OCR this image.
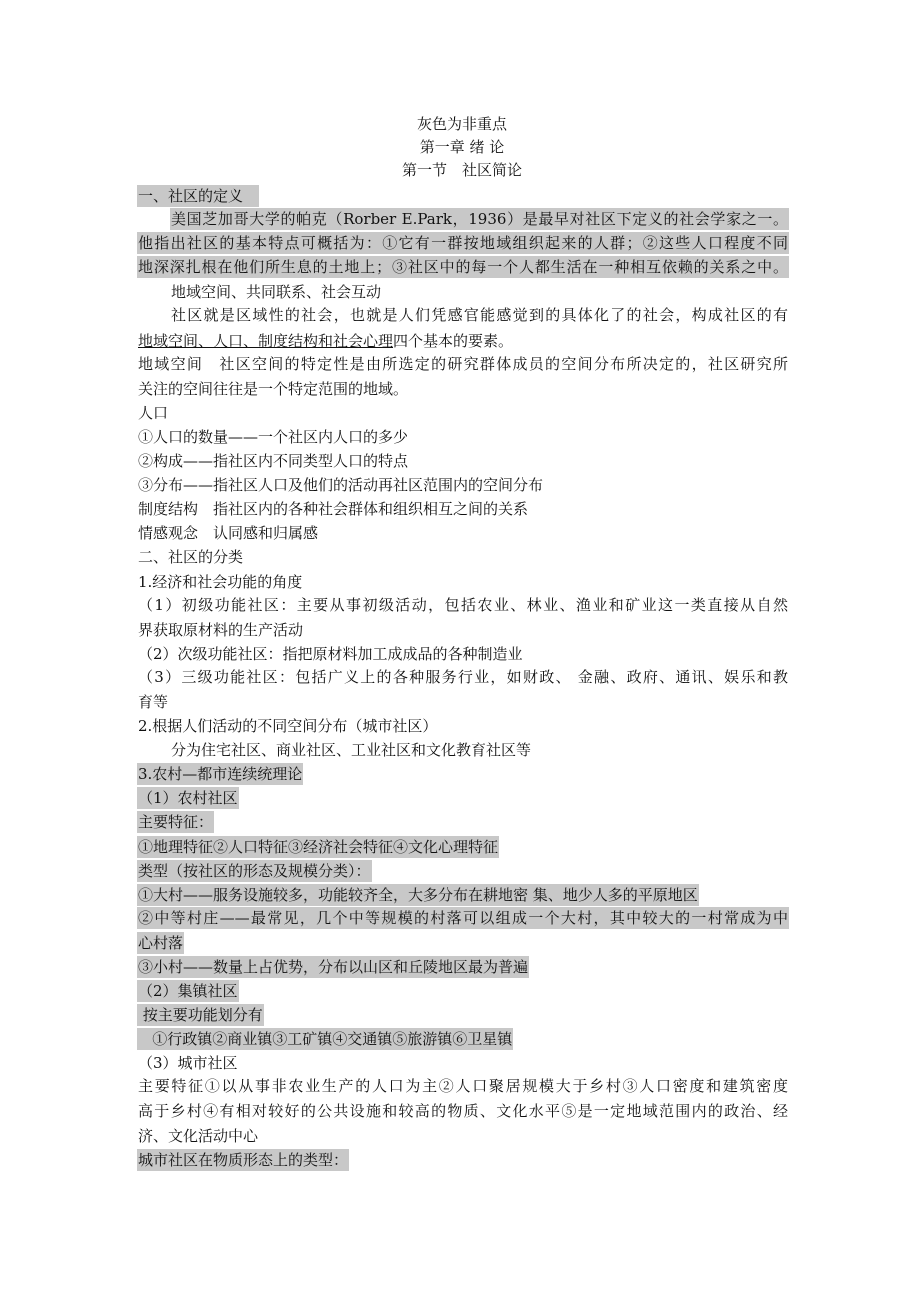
灰色为非重点
第一章 绪 论
第一节　社区简论
一、社区的定义　
美国芝加哥大学的帕克（Rorber E.Park，1936）是最早对社区下定义的社会学家之一。
他指出社区的基本特点可概括为：①它有一群按地域组织起来的人群；②这些人口程度不同
地深深扎根在他们所生息的土地上；③社区中的每一个人都生活在一种相互依赖的关系之中。
地域空间、共同联系、社会互动
社区就是区域性的社会，也就是人们凭感官能感觉到的具体化了的社会，构成社区的有
地域空间、人口、制度结构和社会心理四个基本的要素。
地域空间　社区空间的特定性是由所选定的研究群体成员的空间分布所决定的，社区研究所
关注的空间往往是一个特定范围的地域。
人口
①人口的数量——一个社区内人口的多少
②构成——指社区内不同类型人口的特点
③分布——指社区人口及他们的活动再社区范围内的空间分布
制度结构　指社区内的各种社会群体和组织相互之间的关系
情感观念　认同感和归属感
二、社区的分类
1.经济和社会功能的角度
（1）初级功能社区：主要从事初级活动，包括农业、林业、渔业和矿业这一类直接从自然
界获取原材料的生产活动
（2）次级功能社区：指把原材料加工成成品的各种制造业
（3）三级功能社区：包括广义上的各种服务行业，如财政、 金融、政府、通讯、娱乐和教
育等
2.根据人们活动的不同空间分布（城市社区）
分为住宅社区、商业社区、工业社区和文化教育社区等
3.农村—都市连续统理论
（1）农村社区
主要特征：
①地理特征②人口特征③经济社会特征④文化心理特征
类型（按社区的形态及规模分类）：
①大村——服务设施较多，功能较齐全，大多分布在耕地密 集、地少人多的平原地区
②中等村庄——最常见，几个中等规模的村落可以组成一个大村，其中较大的一村常成为中
心村落
③小村——数量上占优势，分布以山区和丘陵地区最为普遍
（2）集镇社区
按主要功能划分有
①行政镇②商业镇③工矿镇④交通镇⑤旅游镇⑥卫星镇
（3）城市社区
主要特征①以从事非农业生产的人口为主②人口聚居规模大于乡村③人口密度和建筑密度
高于乡村④有相对较好的公共设施和较高的物质、文化水平⑤是一定地域范围内的政治、经
济、文化活动中心
城市社区在物质形态上的类型：
